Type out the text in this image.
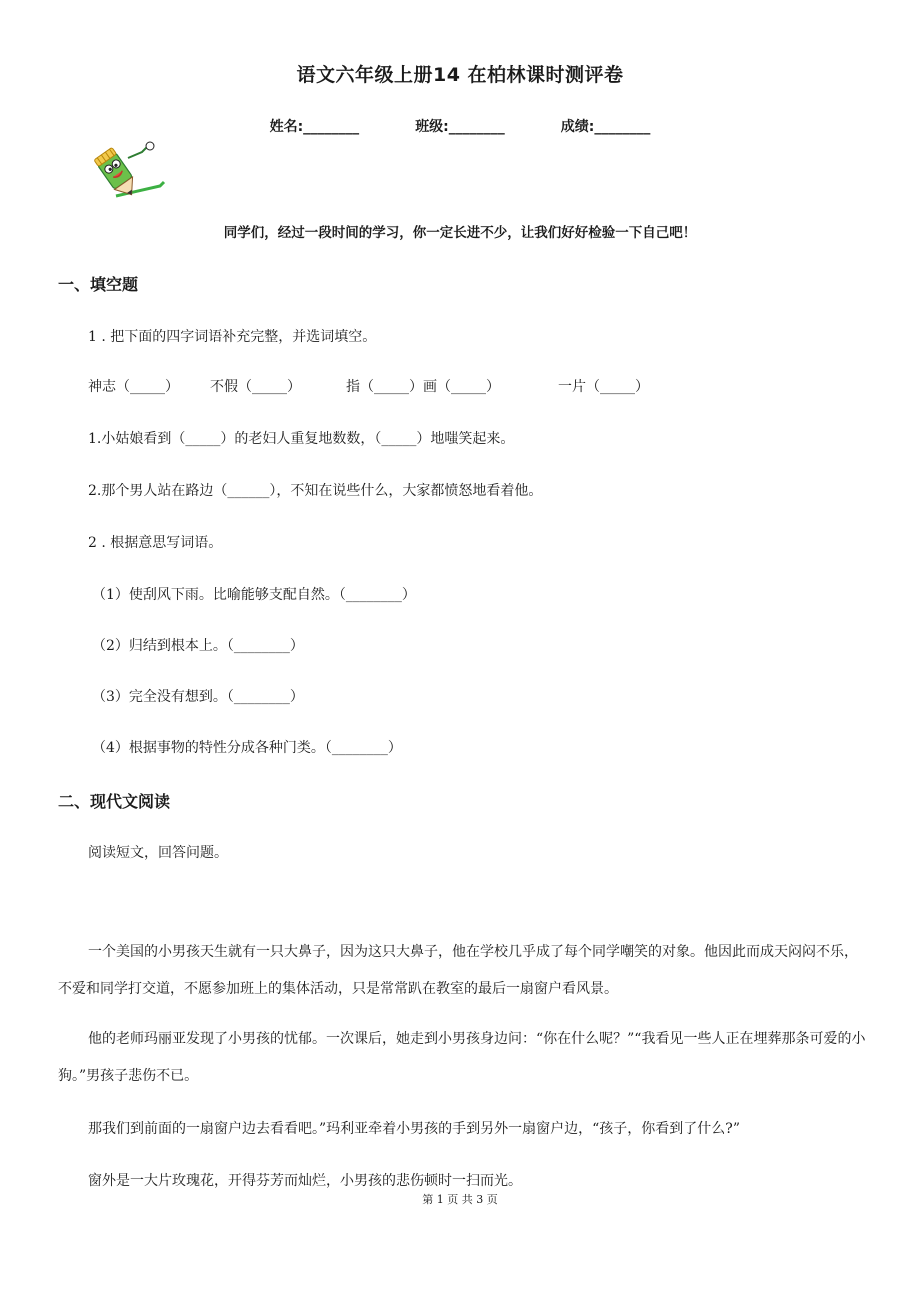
语文六年级上册14 在柏林课时测评卷
姓名:________	班级:________	成绩:________
同学们，经过一段时间的学习，你一定长进不少，让我们好好检验一下自己吧！
一、填空题
1 . 把下面的四字词语补充完整，并选词填空。
神志（_____） 不假（_____）	指（_____）画（_____）	一片（_____）
1.小姑娘看到（_____）的老妇人重复地数数，（_____）地嗤笑起来。
2.那个男人站在路边（______），不知在说些什么，大家都愤怒地看着他。
2 . 根据意思写词语。
（1）使刮风下雨。比喻能够支配自然。（________）
（2）归结到根本上。（________）
（3）完全没有想到。（________）
（4）根据事物的特性分成各种门类。（________）
二、现代文阅读
阅读短文，回答问题。
一个美国的小男孩天生就有一只大鼻子，因为这只大鼻子，他在学校几乎成了每个同学嘲笑的对象。他因此而成天闷闷不乐，不爱和同学打交道，不愿参加班上的集体活动，只是常常趴在教室的最后一扇窗户看风景。
他的老师玛丽亚发现了小男孩的忧郁。一次课后，她走到小男孩身边问：“你在什么呢？”“我看见一些人正在埋葬那条可爱的小狗。”男孩子悲伤不已。
那我们到前面的一扇窗户边去看看吧。”玛利亚牵着小男孩的手到另外一扇窗户边，“孩子，你看到了什么?”
窗外是一大片玫瑰花，开得芬芳而灿烂，小男孩的悲伤顿时一扫而光。
第 1 页 共 3 页
